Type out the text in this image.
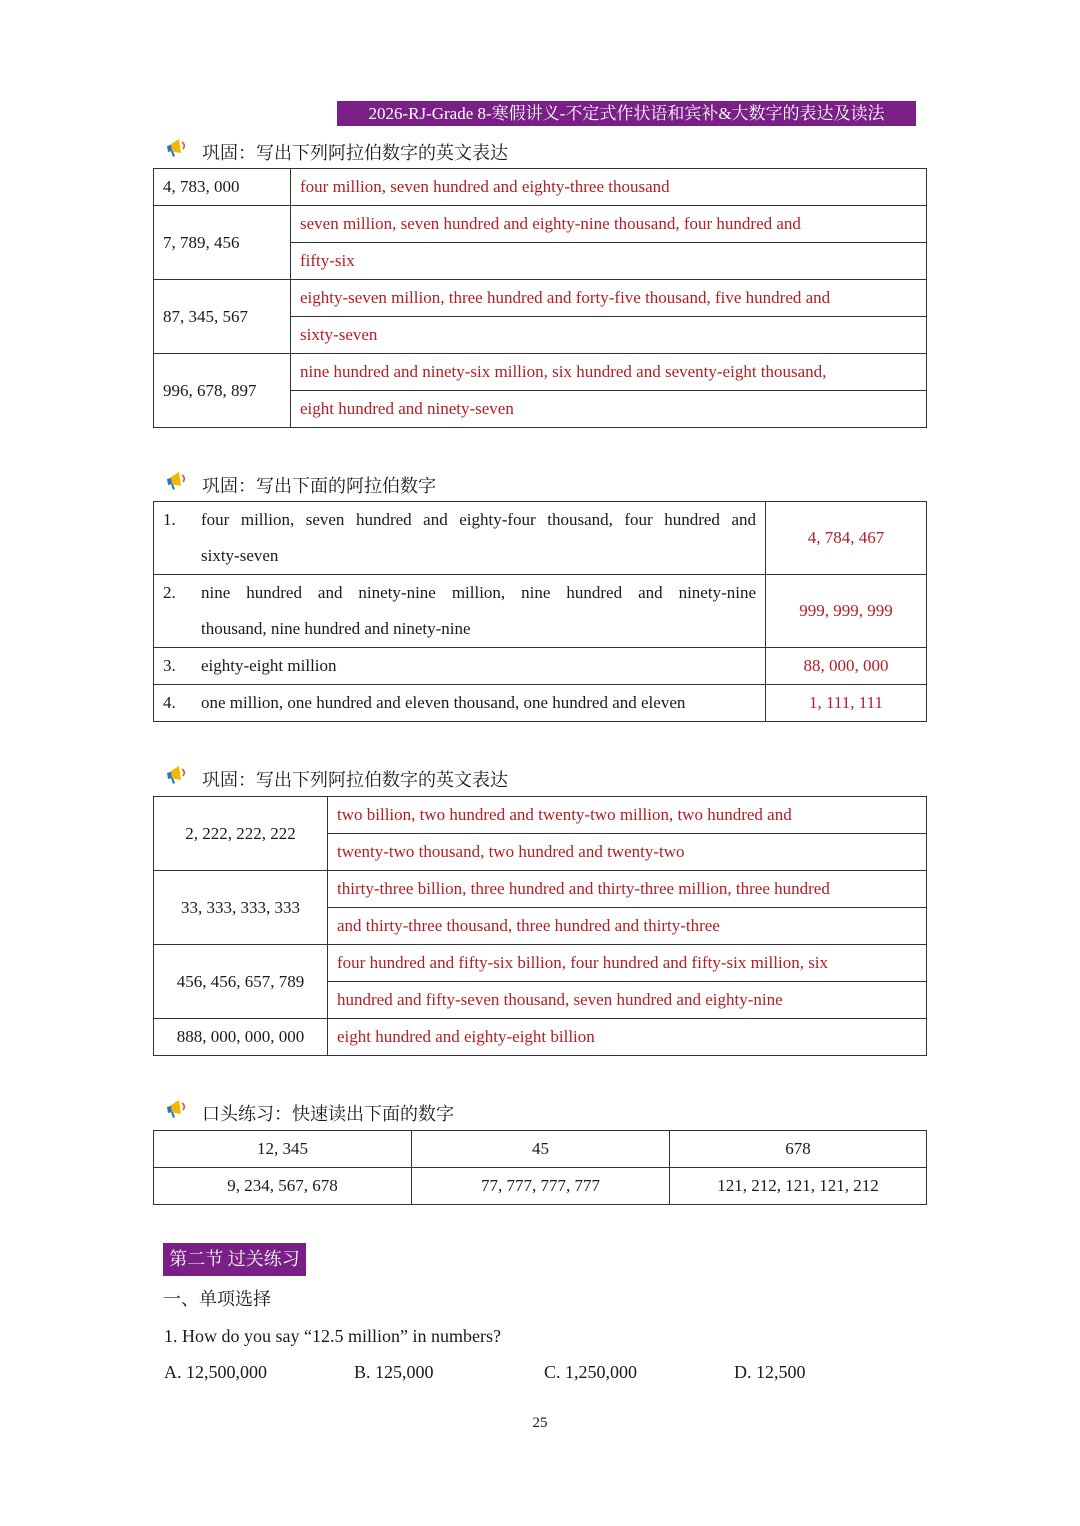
2026-RJ-Grade 8-寒假讲义-不定式作状语和宾补&大数字的表达及读法
巩固：写出下列阿拉伯数字的英文表达
4, 783, 000	four million, seven hundred and eighty-three thousand
7, 789, 456	seven million, seven hundred and eighty-nine thousand, four hundred and
	fifty-six
87, 345, 567	eighty-seven million, three hundred and forty-five thousand, five hundred and
	sixty-seven
996, 678, 897	nine hundred and ninety-six million, six hundred and seventy-eight thousand,
	eight hundred and ninety-seven
巩固：写出下面的阿拉伯数字
1. four million, seven hundred and eighty-four thousand, four hundred and
sixty-seven	4, 784, 467

2. nine hundred and ninety-nine million, nine hundred and ninety-nine
thousand, nine hundred and ninety-nine	999, 999, 999
3. eighty-eight million	88, 000, 000
4. one million, one hundred and eleven thousand, one hundred and eleven	1, 111, 111
巩固：写出下列阿拉伯数字的英文表达
2, 222, 222, 222	two billion, two hundred and twenty-two million, two hundred and
	twenty-two thousand, two hundred and twenty-two
33, 333, 333, 333	thirty-three billion, three hundred and thirty-three million, three hundred
	and thirty-three thousand, three hundred and thirty-three
456, 456, 657, 789	four hundred and fifty-six billion, four hundred and fifty-six million, six
	hundred and fifty-seven thousand, seven hundred and eighty-nine
888, 000, 000, 000	eight hundred and eighty-eight billion
口头练习：快速读出下面的数字
12, 345	45	678
9, 234, 567, 678	77, 777, 777, 777	121, 212, 121, 121, 212
第二节 过关练习
一、单项选择
1. How do you say “12.5 million” in numbers?
A. 12,500,000	B. 125,000	C. 1,250,000	D. 12,500
25
